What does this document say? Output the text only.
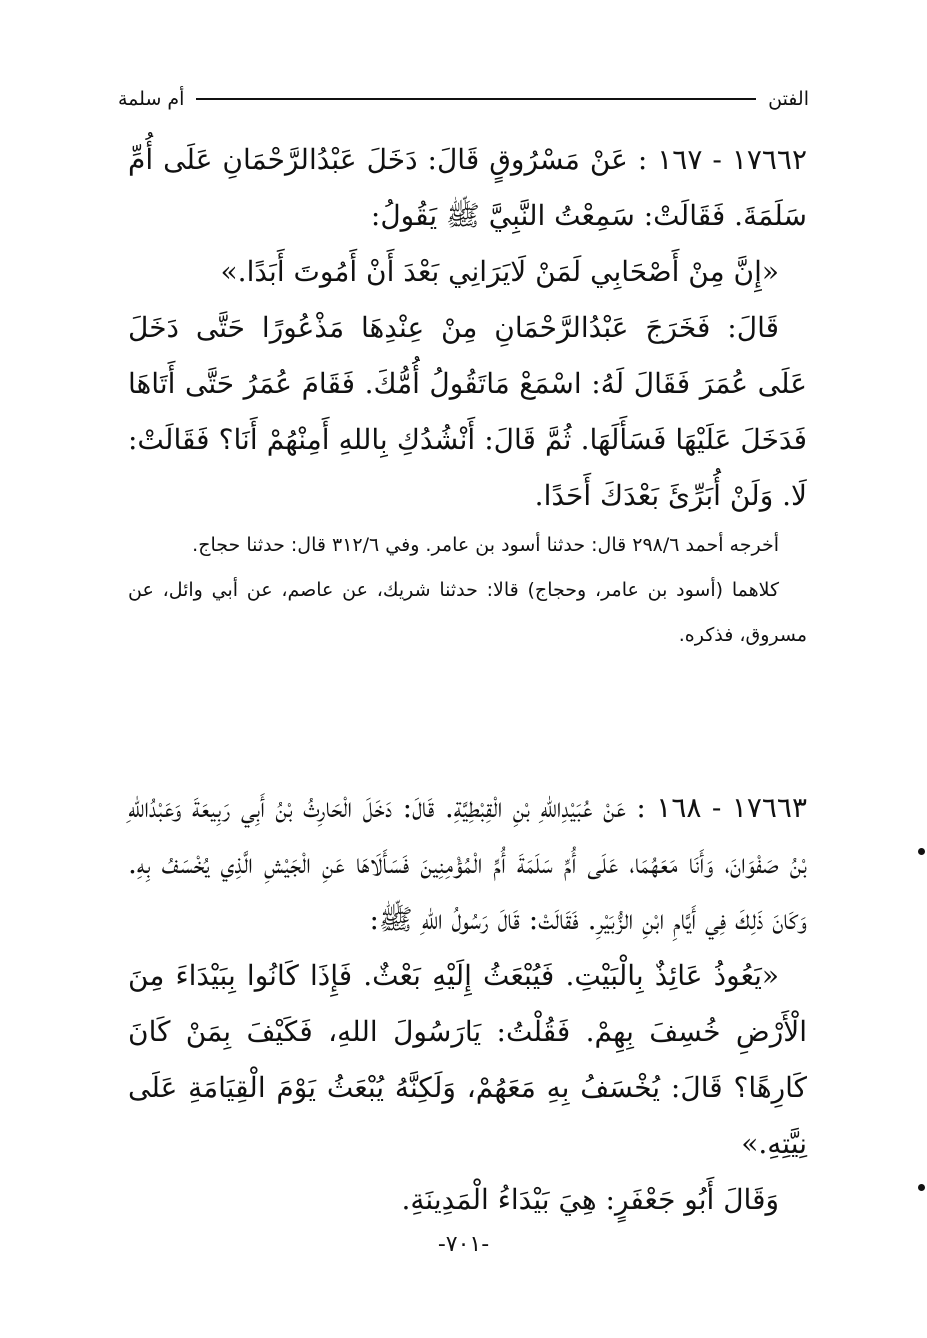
الفتن
أم سلمة

١٧٦٦٢ - ١٦٧ : عَنْ مَسْرُوقٍ قَالَ: دَخَلَ عَبْدُالرَّحْمَانِ عَلَى أُمِّ سَلَمَةَ. فَقَالَتْ: سَمِعْتُ النَّبِيَّ ﷺ يَقُولُ:

«إِنَّ مِنْ أَصْحَابِي لَمَنْ لَايَرَانِي بَعْدَ أَنْ أَمُوتَ أَبَدًا.»

قَالَ: فَخَرَجَ عَبْدُالرَّحْمَانِ مِنْ عِنْدِهَا مَذْعُورًا حَتَّى دَخَلَ عَلَى عُمَرَ فَقَالَ لَهُ: اسْمَعْ مَاتَقُولُ أُمُّكَ. فَقَامَ عُمَرُ حَتَّى أَتَاهَا فَدَخَلَ عَلَيْهَا فَسَأَلَهَا. ثُمَّ قَالَ: أَنْشُدُكِ بِاللهِ أَمِنْهُمْ أَنَا؟ فَقَالَتْ: لَا. وَلَنْ أُبَرِّئَ بَعْدَكَ أَحَدًا.

أخرجه أحمد ٢٩٨/٦ قال: حدثنا أسود بن عامر. وفي ٣١٢/٦ قال: حدثنا حجاج.

كلاهما (أسود بن عامر، وحجاج) قالا: حدثنا شريك، عن عاصم، عن أبي وائل، عن مسروق، فذكره.

١٧٦٦٣ - ١٦٨ : عَنْ عُبَيْدِاللهِ بْنِ الْقِبْطِيَّةِ. قَالَ: دَخَلَ الْحَارِثُ بْنُ أَبِي رَبِيعَةَ وَعَبْدُاللهِ بْنُ صَفْوَانَ، وَأَنَا مَعَهُمَا، عَلَى أُمِّ سَلَمَةَ أُمِّ الْمُؤْمِنِينَ فَسَأَلَاهَا عَنِ الْجَيْشِ الَّذِي يُخْسَفُ بِهِ. وَكَانَ ذَلِكَ فِي أَيَّامِ ابْنِ الزُّبَيْرِ. فَقَالَتْ: قَالَ رَسُولُ اللهِ ﷺ:

«يَعُوذُ عَائِذٌ بِالْبَيْتِ. فَيُبْعَثُ إِلَيْهِ بَعْثٌ. فَإِذَا كَانُوا بِبَيْدَاءَ مِنَ الْأَرْضِ خُسِفَ بِهِمْ. فَقُلْتُ: يَارَسُولَ اللهِ، فَكَيْفَ بِمَنْ كَانَ كَارِهًا؟ قَالَ: يُخْسَفُ بِهِ مَعَهُمْ، وَلَكِنَّهُ يُبْعَثُ يَوْمَ الْقِيَامَةِ عَلَى نِيَّتِهِ.»

وَقَالَ أَبُو جَعْفَرٍ: هِيَ بَيْدَاءُ الْمَدِينَةِ.

-٧٠١-
